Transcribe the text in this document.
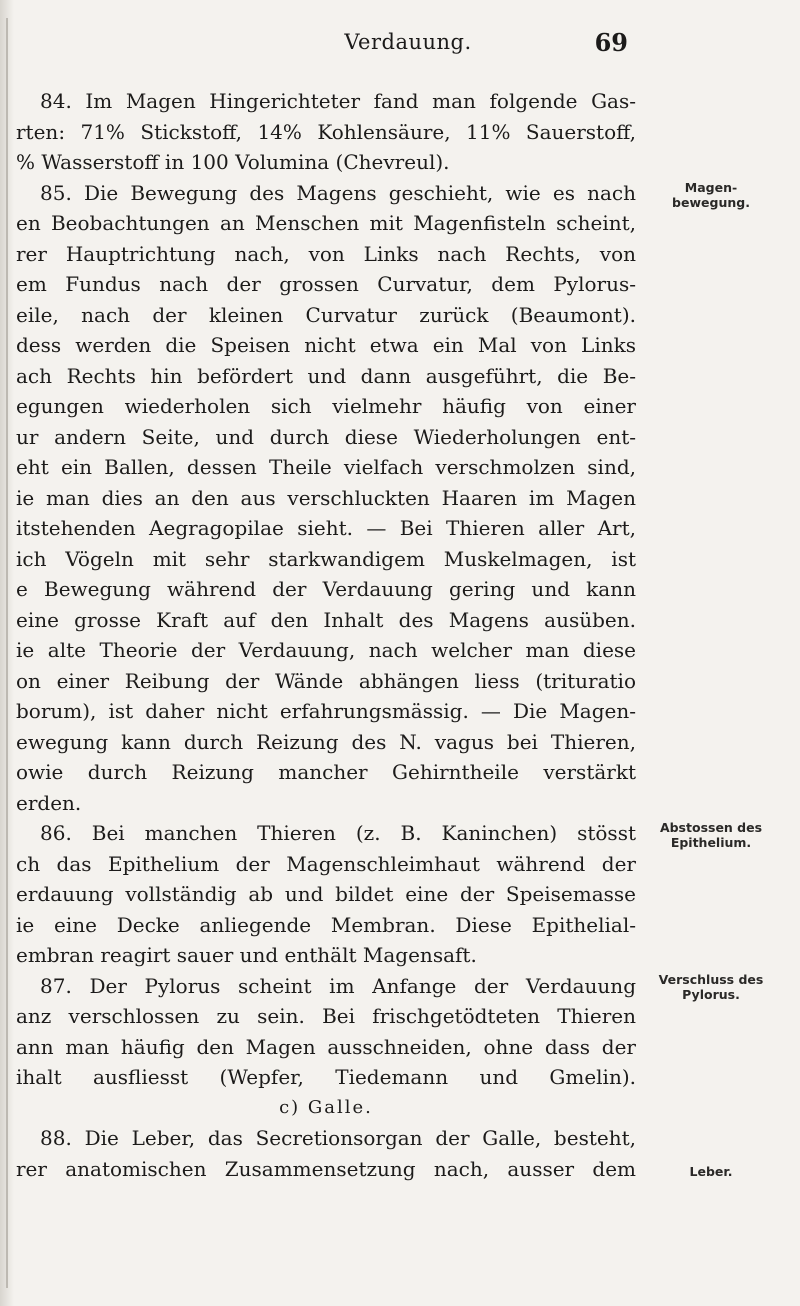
Verdauung.	69
84. Im Magen Hingerichteter fand man folgende Gas-
rten: 71% Stickstoff, 14% Kohlensäure, 11% Sauerstoff,
% Wasserstoff in 100 Volumina (Chevreul).
85. Die Bewegung des Magens geschieht, wie es nach
en Beobachtungen an Menschen mit Magenfisteln scheint,
rer Hauptrichtung nach, von Links nach Rechts, von
em Fundus nach der grossen Curvatur, dem Pylorus-
eile, nach der kleinen Curvatur zurück (Beaumont).
dess werden die Speisen nicht etwa ein Mal von Links
ach Rechts hin befördert und dann ausgeführt, die Be-
egungen wiederholen sich vielmehr häufig von einer
ur andern Seite, und durch diese Wiederholungen ent-
eht ein Ballen, dessen Theile vielfach verschmolzen sind,
ie man dies an den aus verschluckten Haaren im Magen
itstehenden Aegragopilae sieht. — Bei Thieren aller Art,
ich Vögeln mit sehr starkwandigem Muskelmagen, ist
e Bewegung während der Verdauung gering und kann
eine grosse Kraft auf den Inhalt des Magens ausüben.
ie alte Theorie der Verdauung, nach welcher man diese
on einer Reibung der Wände abhängen liess (trituratio
borum), ist daher nicht erfahrungsmässig. — Die Magen-
ewegung kann durch Reizung des N. vagus bei Thieren,
owie durch Reizung mancher Gehirntheile verstärkt
erden.
86. Bei manchen Thieren (z. B. Kaninchen) stösst
ch das Epithelium der Magenschleimhaut während der
erdauung vollständig ab und bildet eine der Speisemasse
ie eine Decke anliegende Membran. Diese Epithelial-
embran reagirt sauer und enthält Magensaft.
87. Der Pylorus scheint im Anfange der Verdauung
anz verschlossen zu sein. Bei frischgetödteten Thieren
ann man häufig den Magen ausschneiden, ohne dass der
ihalt ausfliesst (Wepfer, Tiedemann und Gmelin).
c) Galle.
88. Die Leber, das Secretionsorgan der Galle, besteht,
rer anatomischen Zusammensetzung nach, ausser dem
Magen-bewegung.
Abstossen des Epithelium.
Verschluss des Pylorus.
Leber.
